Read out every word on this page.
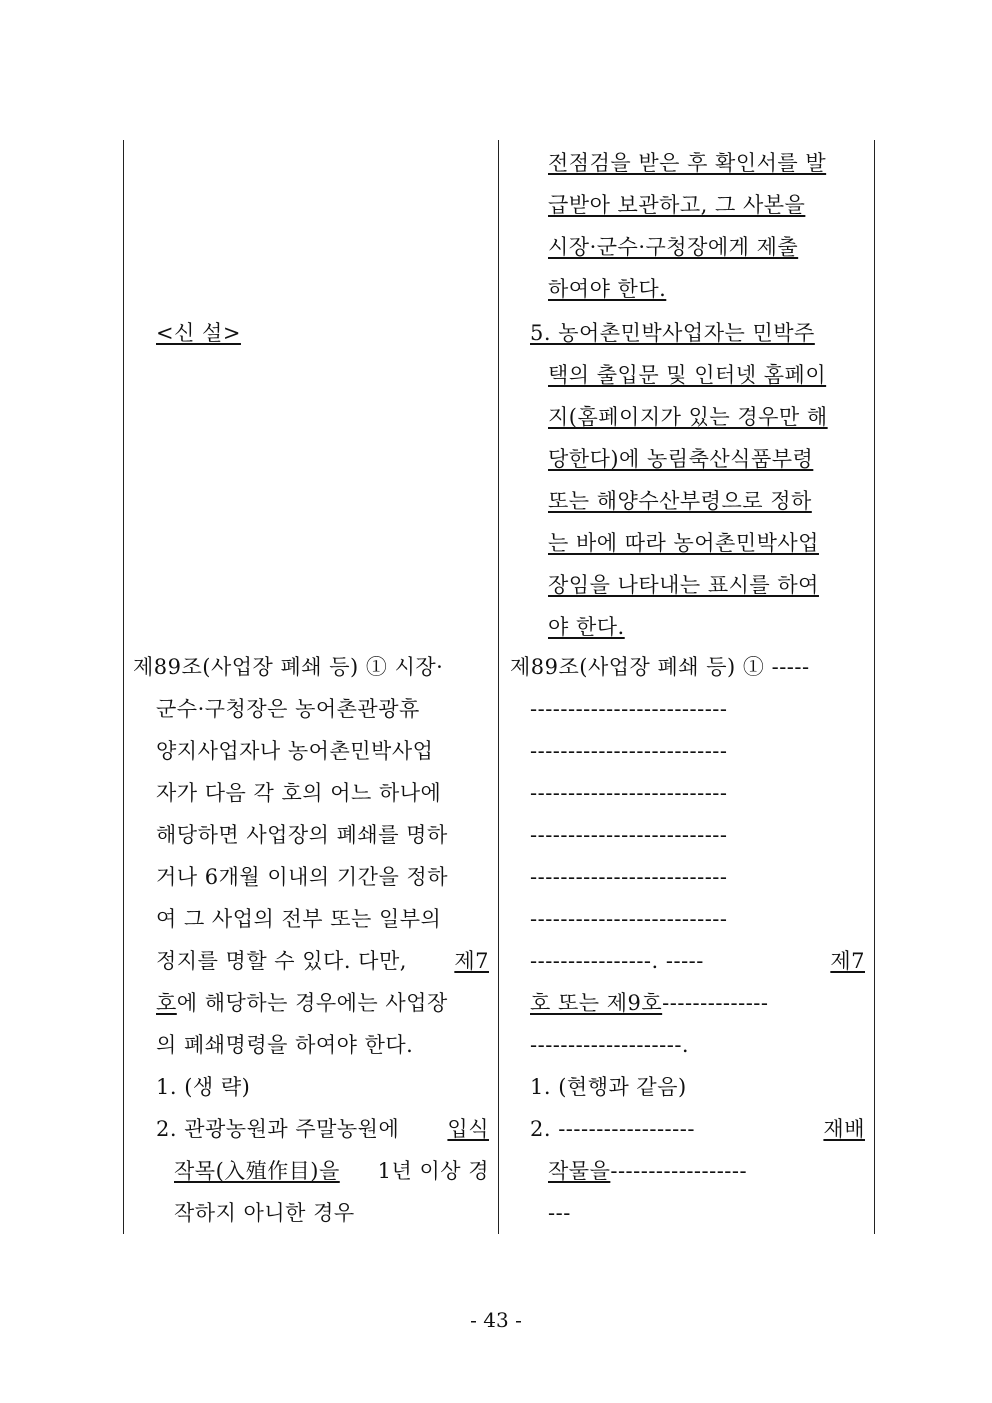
<신 설>
제89조(사업장 폐쇄 등) ① 시장·
군수·구청장은 농어촌관광휴
양지사업자나 농어촌민박사업
자가 다음 각 호의 어느 하나에
해당하면 사업장의 폐쇄를 명하
거나 6개월 이내의 기간을 정하
여 그 사업의 전부 또는 일부의
정지를 명할 수 있다. 다만, 제7
호에 해당하는 경우에는 사업장
의 폐쇄명령을 하여야 한다.
1. (생 략)
2. 관광농원과 주말농원에 입식
작목(入殖作目)을 1년 이상 경
작하지 아니한 경우
전점검을 받은 후 확인서를 발
급받아 보관하고, 그 사본을
시장·군수·구청장에게 제출
하여야 한다.
5. 농어촌민박사업자는 민박주
택의 출입문 및 인터넷 홈페이
지(홈페이지가 있는 경우만 해
당한다)에 농림축산식품부령
또는 해양수산부령으로 정하
는 바에 따라 농어촌민박사업
장임을 나타내는 표시를 하여
야 한다.
제89조(사업장 폐쇄 등) ① -----
--------------------------
--------------------------
--------------------------
--------------------------
--------------------------
--------------------------
----------------. -----	제7
호 또는 제9호--------------
--------------------.
1. (현행과 같음)
2. ------------------	재배
작물을------------------
---
- 43 -
